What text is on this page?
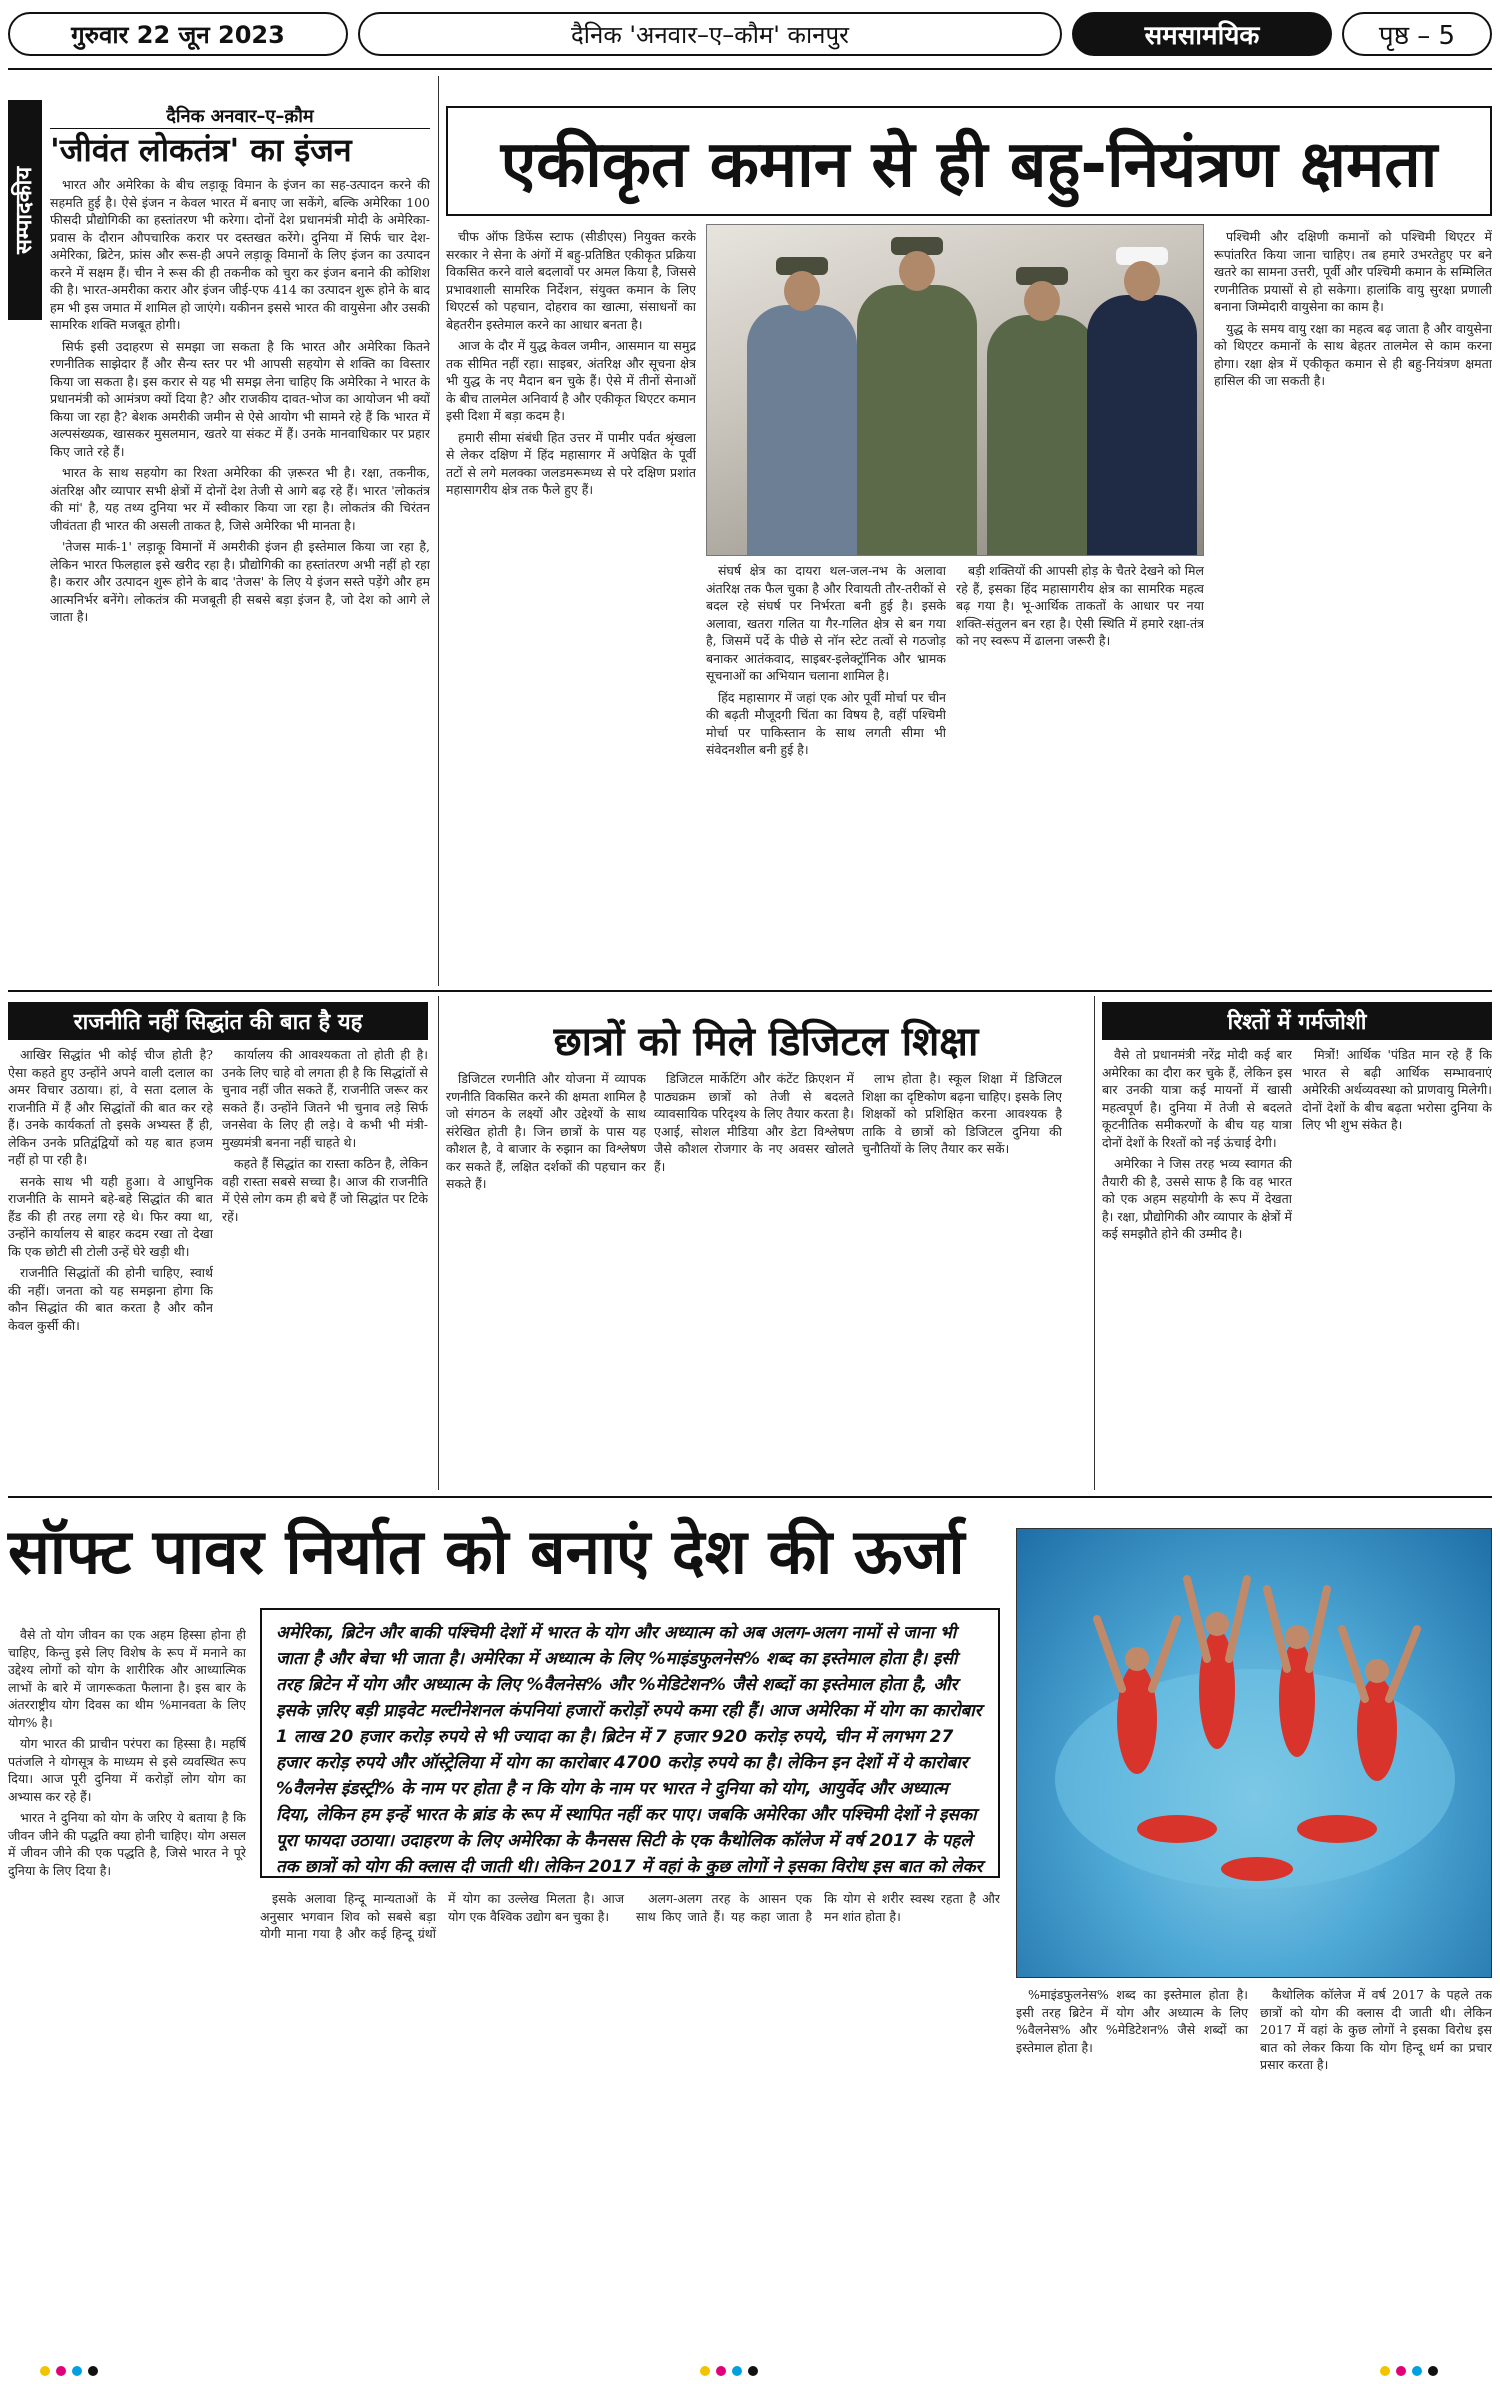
गुरुवार 22 जून 2023	दैनिक 'अनवार–ए–कौम' कानपुर	समसामयिक	पृष्ठ – 5
सम्पादकीय
दैनिक अनवार–ए–क़ौम
'जीवंत लोकतंत्र' का इंजन

भारत और अमेरिका के बीच लड़ाकू विमान के इंजन का सह-उत्पादन करने की सहमति हुई है। ऐसे इंजन न केवल भारत में बनाए जा सकेंगे, बल्कि अमेरिका 100 फीसदी प्रौद्योगिकी का हस्तांतरण भी करेगा। दोनों देश प्रधानमंत्री मोदी के अमेरिका-प्रवास के दौरान औपचारिक करार पर दस्तखत करेंगे। दुनिया में सिर्फ चार देश-अमेरिका, ब्रिटेन, फ्रांस और रूस-ही अपने लड़ाकू विमानों के लिए इंजन का उत्पादन करने में सक्षम हैं। चीन ने रूस की ही तकनीक को चुरा कर इंजन बनाने की कोशिश की है। भारत-अमरीका करार और इंजन जीई-एफ 414 का उत्पादन शुरू होने के बाद हम भी इस जमात में शामिल हो जाएंगे। यकीनन इससे भारत की वायुसेना और उसकी सामरिक शक्ति मजबूत होगी।

सिर्फ इसी उदाहरण से समझा जा सकता है कि भारत और अमेरिका कितने रणनीतिक साझेदार हैं और सैन्य स्तर पर भी आपसी सहयोग से शक्ति का विस्तार किया जा सकता है। इस करार से यह भी समझ लेना चाहिए कि अमेरिका ने भारत के प्रधानमंत्री को आमंत्रण क्यों दिया है? और राजकीय दावत-भोज का आयोजन भी क्यों किया जा रहा है? बेशक अमरीकी जमीन से ऐसे आयोग भी सामने रहे हैं कि भारत में अल्पसंख्यक, खासकर मुसलमान, खतरे या संकट में हैं। उनके मानवाधिकार पर प्रहार किए जाते रहे हैं।

भारत के साथ सहयोग का रिश्ता अमेरिका की ज़रूरत भी है। रक्षा, तकनीक, अंतरिक्ष और व्यापार सभी क्षेत्रों में दोनों देश तेजी से आगे बढ़ रहे हैं। भारत 'लोकतंत्र की मां' है, यह तथ्य दुनिया भर में स्वीकार किया जा रहा है। लोकतंत्र की चिरंतन जीवंतता ही भारत की असली ताकत है, जिसे अमेरिका भी मानता है।

'तेजस मार्क-1' लड़ाकू विमानों में अमरीकी इंजन ही इस्तेमाल किया जा रहा है, लेकिन भारत फिलहाल इसे खरीद रहा है। प्रौद्योगिकी का हस्तांतरण अभी नहीं हो रहा है। करार और उत्पादन शुरू होने के बाद 'तेजस' के लिए ये इंजन सस्ते पड़ेंगे और हम आत्मनिर्भर बनेंगे। लोकतंत्र की मजबूती ही सबसे बड़ा इंजन है, जो देश को आगे ले जाता है।

एकीकृत कमान से ही बहु-नियंत्रण क्षमता

चीफ ऑफ डिफेंस स्टाफ (सीडीएस) नियुक्त करके सरकार ने सेना के अंगों में बहु-प्रतिष्ठित एकीकृत प्रक्रिया विकसित करने वाले बदलावों पर अमल किया है, जिससे प्रभावशाली सामरिक निर्देशन, संयुक्त कमान के लिए थिएटर्स को पहचान, दोहराव का खात्मा, संसाधनों का बेहतरीन इस्तेमाल करने का आधार बनता है।

आज के दौर में युद्ध केवल जमीन, आसमान या समुद्र तक सीमित नहीं रहा। साइबर, अंतरिक्ष और सूचना क्षेत्र भी युद्ध के नए मैदान बन चुके हैं। ऐसे में तीनों सेनाओं के बीच तालमेल अनिवार्य है और एकीकृत थिएटर कमान इसी दिशा में बड़ा कदम है।

हमारी सीमा संबंधी हित उत्तर में पामीर पर्वत श्रृंखला से लेकर दक्षिण में हिंद महासागर में अपेक्षित के पूर्वी तटों से लगे मलक्का जलडमरूमध्य से परे दक्षिण प्रशांत महासागरीय क्षेत्र तक फैले हुए हैं।

संघर्ष क्षेत्र का दायरा थल-जल-नभ के अलावा अंतरिक्ष तक फैल चुका है और रिवायती तौर-तरीकों से बदल रहे संघर्ष पर निर्भरता बनी हुई है। इसके अलावा, खतरा गलित या गैर-गलित क्षेत्र से बन गया है, जिसमें पर्दे के पीछे से नॉन स्टेट तत्वों से गठजोड़ बनाकर आतंकवाद, साइबर-इलेक्ट्रॉनिक और भ्रामक सूचनाओं का अभियान चलाना शामिल है।

हिंद महासागर में जहां एक ओर पूर्वी मोर्चा पर चीन की बढ़ती मौजूदगी चिंता का विषय है, वहीं पश्चिमी मोर्चा पर पाकिस्तान के साथ लगती सीमा भी संवेदनशील बनी हुई है।

बड़ी शक्तियों की आपसी होड़ के चैतरे देखने को मिल रहे हैं, इसका हिंद महासागरीय क्षेत्र का सामरिक महत्व बढ़ गया है। भू-आर्थिक ताकतों के आधार पर नया शक्ति-संतुलन बन रहा है। ऐसी स्थिति में हमारे रक्षा-तंत्र को नए स्वरूप में ढालना जरूरी है।

पश्चिमी और दक्षिणी कमानों को पश्चिमी थिएटर में रूपांतरित किया जाना चाहिए। तब हमारे उभरतेहुए पर बने खतरे का सामना उत्तरी, पूर्वी और पश्चिमी कमान के सम्मिलित रणनीतिक प्रयासों से हो सकेगा। हालांकि वायु सुरक्षा प्रणाली बनाना जिम्मेदारी वायुसेना का काम है।

युद्ध के समय वायु रक्षा का महत्व बढ़ जाता है और वायुसेना को थिएटर कमानों के साथ बेहतर तालमेल से काम करना होगा। रक्षा क्षेत्र में एकीकृत कमान से ही बहु-नियंत्रण क्षमता हासिल की जा सकती है।

राजनीति नहीं सिद्धांत की बात है यह

आखिर सिद्धांत भी कोई चीज होती है? ऐसा कहते हुए उन्होंने अपने वाली दलाल का अमर विचार उठाया। हां, वे सता दलाल के राजनीति में हैं और सिद्धांतों की बात कर रहे हैं। उनके कार्यकर्ता तो इसके अभ्यस्त हैं ही, लेकिन उनके प्रतिद्वंद्वियों को यह बात हजम नहीं हो पा रही है।

सनके साथ भी यही हुआ। वे आधुनिक राजनीति के सामने बहे-बहे सिद्धांत की बात हैंड की ही तरह लगा रहे थे। फिर क्या था, उन्होंने कार्यालय से बाहर कदम रखा तो देखा कि एक छोटी सी टोली उन्हें घेरे खड़ी थी।

राजनीति सिद्धांतों की होनी चाहिए, स्वार्थ की नहीं। जनता को यह समझना होगा कि कौन सिद्धांत की बात करता है और कौन केवल कुर्सी की।

कार्यालय की आवश्यकता तो होती ही है। उनके लिए चाहे वो लगता ही है कि सिद्धांतों से चुनाव नहीं जीत सकते हैं, राजनीति जरूर कर सकते हैं। उन्होंने जितने भी चुनाव लड़े सिर्फ जनसेवा के लिए ही लड़े। वे कभी भी मंत्री-मुख्यमंत्री बनना नहीं चाहते थे।

कहते हैं सिद्धांत का रास्ता कठिन है, लेकिन वही रास्ता सबसे सच्चा है। आज की राजनीति में ऐसे लोग कम ही बचे हैं जो सिद्धांत पर टिके रहें।

छात्रों को मिले डिजिटल शिक्षा

डिजिटल रणनीति और योजना में व्यापक रणनीति विकसित करने की क्षमता शामिल है जो संगठन के लक्ष्यों और उद्देश्यों के साथ संरेखित होती है। जिन छात्रों के पास यह कौशल है, वे बाजार के रुझान का विश्लेषण कर सकते हैं, लक्षित दर्शकों की पहचान कर सकते हैं।

डिजिटल मार्केटिंग और कंटेंट क्रिएशन में पाठ्यक्रम छात्रों को तेजी से बदलते व्यावसायिक परिदृश्य के लिए तैयार करता है। एआई, सोशल मीडिया और डेटा विश्लेषण जैसे कौशल रोजगार के नए अवसर खोलते हैं।

लाभ होता है। स्कूल शिक्षा में डिजिटल शिक्षा का दृष्टिकोण बढ़ना चाहिए। इसके लिए शिक्षकों को प्रशिक्षित करना आवश्यक है ताकि वे छात्रों को डिजिटल दुनिया की चुनौतियों के लिए तैयार कर सकें।

रिश्तों में गर्मजोशी

वैसे तो प्रधानमंत्री नरेंद्र मोदी कई बार अमेरिका का दौरा कर चुके हैं, लेकिन इस बार उनकी यात्रा कई मायनों में खासी महत्वपूर्ण है। दुनिया में तेजी से बदलते कूटनीतिक समीकरणों के बीच यह यात्रा दोनों देशों के रिश्तों को नई ऊंचाई देगी।

अमेरिका ने जिस तरह भव्य स्वागत की तैयारी की है, उससे साफ है कि वह भारत को एक अहम सहयोगी के रूप में देखता है। रक्षा, प्रौद्योगिकी और व्यापार के क्षेत्रों में कई समझौते होने की उम्मीद है।

मित्रोंं! आर्थिक 'पंडित मान रहे हैं कि भारत से बढ़ी आर्थिक सम्भावनाएं अमेरिकी अर्थव्यवस्था को प्राणवायु मिलेगी। दोनों देशों के बीच बढ़ता भरोसा दुनिया के लिए भी शुभ संकेत है।

सॉफ्ट पावर निर्यात को बनाएं देश की ऊर्जा
अमेरिका, ब्रिटेन और बाकी पश्चिमी देशों में भारत के योग और अध्यात्म को अब अलग-अलग नामों से जाना भी जाता है और बेचा भी जाता है। अमेरिका में अध्यात्म के लिए %माइंडफुलनेस% शब्द का इस्तेमाल होता है। इसी तरह ब्रिटेन में योग और अध्यात्म के लिए %वैलनेस% और %मेडिटेशन% जैसे शब्दों का इस्तेमाल होता है, और इसके ज़रिए बड़ी प्राइवेट मल्टीनेशनल कंपनियां हजारों करोड़ों रुपये कमा रही हैं। आज अमेरिका में योग का कारोबार 1 लाख 20 हजार करोड़ रुपये से भी ज्यादा का है। ब्रिटेन में 7 हजार 920 करोड़ रुपये, चीन में लगभग 27 हजार करोड़ रुपये और ऑस्ट्रेलिया में योग का कारोबार 4700 करोड़ रुपये का है। लेकिन इन देशों में ये कारोबार %वैलनेस इंडस्ट्री% के नाम पर होता है न कि योग के नाम पर भारत ने दुनिया को योग, आयुर्वेद और अध्यात्म दिया, लेकिन हम इन्हें भारत के ब्रांड के रूप में स्थापित नहीं कर पाए। जबकि अमेरिका और पश्चिमी देशों ने इसका पूरा फायदा उठाया। उदाहरण के लिए अमेरिका के कैनसस सिटी के एक कैथोलिक कॉलेज में वर्ष 2017 के पहले तक छात्रों को योग की क्लास दी जाती थी। लेकिन 2017 में वहां के कुछ लोगों ने इसका विरोध इस बात को लेकर

वैसे तो योग जीवन का एक अहम हिस्सा होना ही चाहिए, किन्तु इसे लिए विशेष के रूप में मनाने का उद्देश्य लोगों को योग के शारीरिक और आध्यात्मिक लाभों के बारे में जागरूकता फैलाना है। इस बार के अंतरराष्ट्रीय योग दिवस का थीम %मानवता के लिए योग% है।

योग भारत की प्राचीन परंपरा का हिस्सा है। महर्षि पतंजलि ने योगसूत्र के माध्यम से इसे व्यवस्थित रूप दिया। आज पूरी दुनिया में करोड़ों लोग योग का अभ्यास कर रहे हैं।

भारत ने दुनिया को योग के जरिए ये बताया है कि जीवन जीने की पद्धति क्या होनी चाहिए। योग असल में जीवन जीने की एक पद्धति है, जिसे भारत ने पूरे दुनिया के लिए दिया है।

इसके अलावा हिन्दू मान्यताओं के अनुसार भगवान शिव को सबसे बड़ा योगी माना गया है और कई हिन्दू ग्रंथों में योग का उल्लेख मिलता है। आज योग एक वैश्विक उद्योग बन चुका है।

अलग-अलग तरह के आसन एक साथ किए जाते हैं। यह कहा जाता है कि योग से शरीर स्वस्थ रहता है और मन शांत होता है।

%माइंडफुलनेस% शब्द का इस्तेमाल होता है। इसी तरह ब्रिटेन में योग और अध्यात्म के लिए %वैलनेस% और %मेडिटेशन% जैसे शब्दों का इस्तेमाल होता है।

कैथोलिक कॉलेज में वर्ष 2017 के पहले तक छात्रों को योग की क्लास दी जाती थी। लेकिन 2017 में वहां के कुछ लोगों ने इसका विरोध इस बात को लेकर किया कि योग हिन्दू धर्म का प्रचार प्रसार करता है।
